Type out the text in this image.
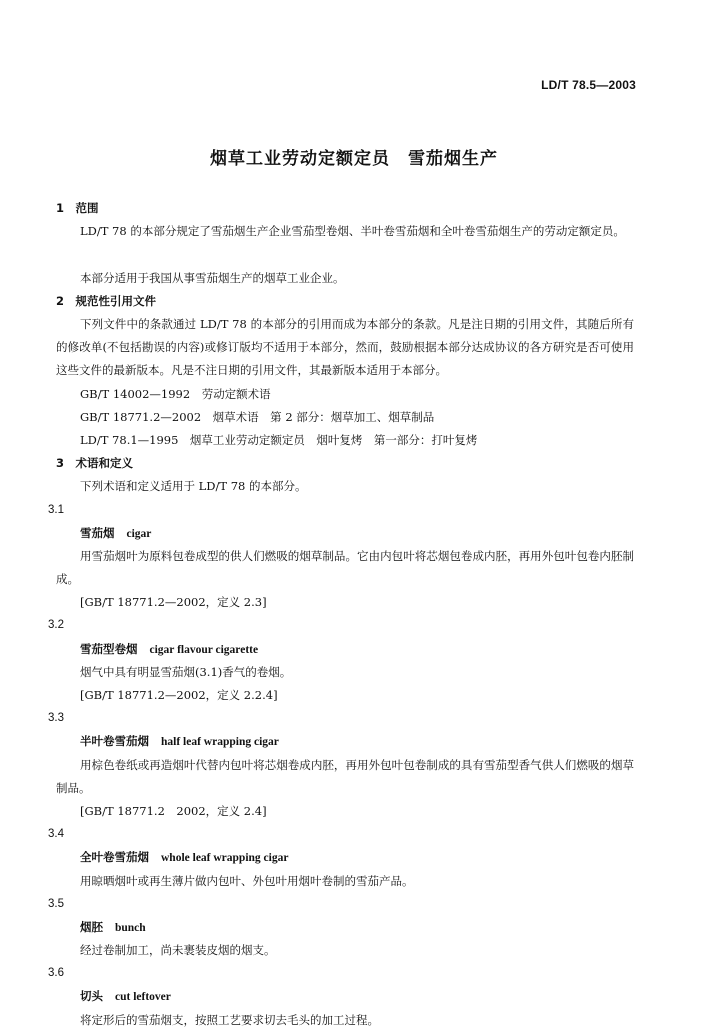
LD/T 78.5—2003
烟草工业劳动定额定员　雪茄烟生产
1　范围
LD/T 78 的本部分规定了雪茄烟生产企业雪茄型卷烟、半叶卷雪茄烟和全叶卷雪茄烟生产的劳动定额定员。
本部分适用于我国从事雪茄烟生产的烟草工业企业。
2　规范性引用文件
下列文件中的条款通过 LD/T 78 的本部分的引用而成为本部分的条款。凡是注日期的引用文件，其随后所有的修改单(不包括勘误的内容)或修订版均不适用于本部分，然而，鼓励根据本部分达成协议的各方研究是否可使用这些文件的最新版本。凡是不注日期的引用文件，其最新版本适用于本部分。
GB/T 14002—1992　劳动定额术语
GB/T 18771.2—2002　烟草术语　第 2 部分：烟草加工、烟草制品
LD/T 78.1—1995　烟草工业劳动定额定员　烟叶复烤　第一部分：打叶复烤
3　术语和定义
下列术语和定义适用于 LD/T 78 的本部分。
3.1
雪茄烟 cigar
用雪茄烟叶为原料包卷成型的供人们燃吸的烟草制品。它由内包叶将芯烟包卷成内胚，再用外包叶包卷内胚制成。
[GB/T 18771.2—2002，定义 2.3]
3.2
雪茄型卷烟 cigar flavour cigarette
烟气中具有明显雪茄烟(3.1)香气的卷烟。
[GB/T 18771.2—2002，定义 2.2.4]
3.3
半叶卷雪茄烟 half leaf wrapping cigar
用棕色卷纸或再造烟叶代替内包叶将芯烟卷成内胚，再用外包叶包卷制成的具有雪茄型香气供人们燃吸的烟草制品。
[GB/T 18771.2　2002，定义 2.4]
3.4
全叶卷雪茄烟 whole leaf wrapping cigar
用晾晒烟叶或再生薄片做内包叶、外包叶用烟叶卷制的雪茄产品。
3.5
烟胚 bunch
经过卷制加工，尚未裹装皮烟的烟支。
3.6
切头 cut leftover
将定形后的雪茄烟支，按照工艺要求切去毛头的加工过程。
